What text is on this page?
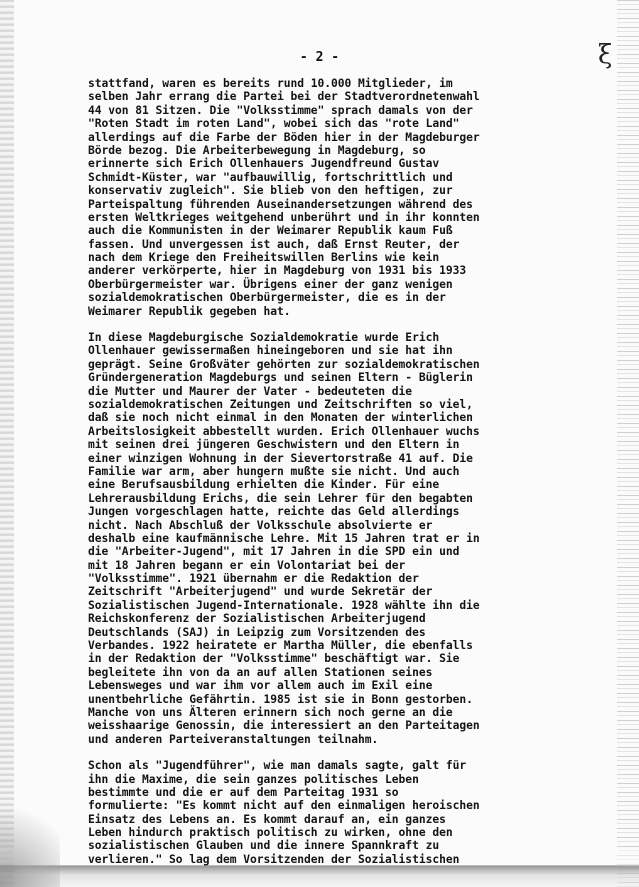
- 2 -	ξ
stattfand, waren es bereits rund 10.000 Mitglieder, im
selben Jahr errang die Partei bei der Stadtverordnetenwahl
44 von 81 Sitzen. Die "Volksstimme" sprach damals von der
"Roten Stadt im roten Land", wobei sich das "rote Land"
allerdings auf die Farbe der Böden hier in der Magdeburger
Börde bezog. Die Arbeiterbewegung in Magdeburg, so
erinnerte sich Erich Ollenhauers Jugendfreund Gustav
Schmidt-Küster, war "aufbauwillig, fortschrittlich und
konservativ zugleich". Sie blieb von den heftigen, zur
Parteispaltung führenden Auseinandersetzungen während des
ersten Weltkrieges weitgehend unberührt und in ihr konnten
auch die Kommunisten in der Weimarer Republik kaum Fuß
fassen. Und unvergessen ist auch, daß Ernst Reuter, der
nach dem Kriege den Freiheitswillen Berlins wie kein
anderer verkörperte, hier in Magdeburg von 1931 bis 1933
Oberbürgermeister war. Übrigens einer der ganz wenigen
sozialdemokratischen Oberbürgermeister, die es in der
Weimarer Republik gegeben hat.
In diese Magdeburgische Sozialdemokratie wurde Erich
Ollenhauer gewissermaßen hineingeboren und sie hat ihn
geprägt. Seine Großväter gehörten zur sozialdemokratischen
Gründergeneration Magdeburgs und seinen Eltern - Büglerin
die Mutter und Maurer der Vater - bedeuteten die
sozialdemokratischen Zeitungen und Zeitschriften so viel,
daß sie noch nicht einmal in den Monaten der winterlichen
Arbeitslosigkeit abbestellt wurden. Erich Ollenhauer wuchs
mit seinen drei jüngeren Geschwistern und den Eltern in
einer winzigen Wohnung in der Sievertorstraße 41 auf. Die
Familie war arm, aber hungern mußte sie nicht. Und auch
eine Berufsausbildung erhielten die Kinder. Für eine
Lehrerausbildung Erichs, die sein Lehrer für den begabten
Jungen vorgeschlagen hatte, reichte das Geld allerdings
nicht. Nach Abschluß der Volksschule absolvierte er
deshalb eine kaufmännische Lehre. Mit 15 Jahren trat er in
die "Arbeiter-Jugend", mit 17 Jahren in die SPD ein und
mit 18 Jahren begann er ein Volontariat bei der
"Volksstimme". 1921 übernahm er die Redaktion der
Zeitschrift "Arbeiterjugend" und wurde Sekretär der
Sozialistischen Jugend-Internationale. 1928 wählte ihn die
Reichskonferenz der Sozialistischen Arbeiterjugend
Deutschlands (SAJ) in Leipzig zum Vorsitzenden des
Verbandes. 1922 heiratete er Martha Müller, die ebenfalls
in der Redaktion der "Volksstimme" beschäftigt war. Sie
begleitete ihn von da an auf allen Stationen seines
Lebensweges und war ihm vor allem auch im Exil eine
unentbehrliche Gefährtin. 1985 ist sie in Bonn gestorben.
Manche von uns Älteren erinnern sich noch gerne an die
weisshaarige Genossin, die interessiert an den Parteitagen
und anderen Parteiveranstaltungen teilnahm.
Schon als "Jugendführer", wie man damals sagte, galt für
ihn die Maxime, die sein ganzes politisches Leben
bestimmte und die er auf dem Parteitag 1931 so
formulierte: "Es kommt nicht auf den einmaligen heroischen
Einsatz des Lebens an. Es kommt darauf an, ein ganzes
Leben hindurch praktisch politisch zu wirken, ohne den
sozialistischen Glauben und die innere Spannkraft zu
verlieren." So lag dem Vorsitzenden der Sozialistischen
